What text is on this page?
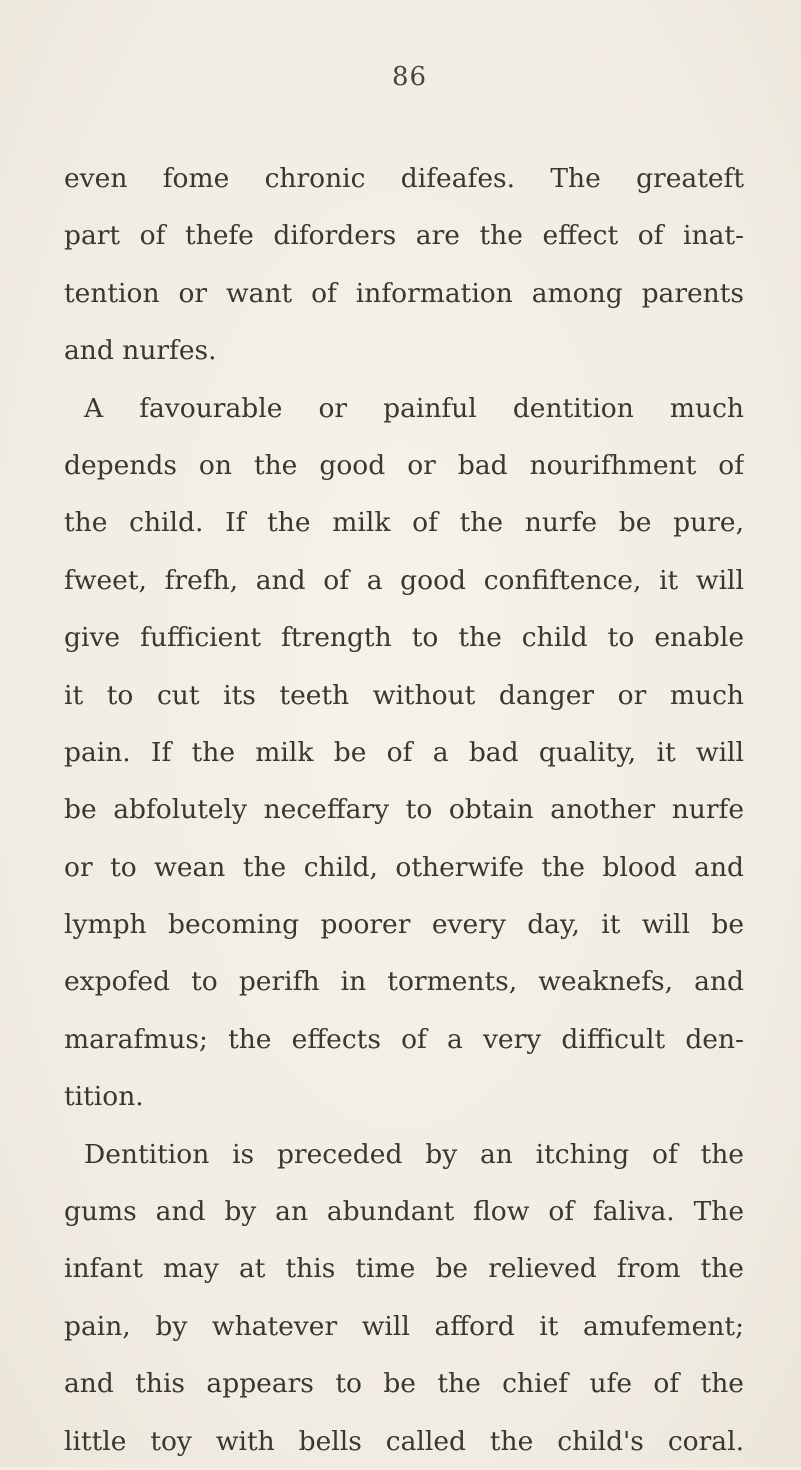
86
even fome chronic difeafes. The greateft
part of thefe diforders are the effect of inat-
tention or want of information among parents
and nurfes.
A favourable or painful dentition much
depends on the good or bad nourifhment of
the child. If the milk of the nurfe be pure,
fweet, frefh, and of a good confiftence, it will
give fufficient ftrength to the child to enable
it to cut its teeth without danger or much
pain. If the milk be of a bad quality, it will
be abfolutely neceffary to obtain another nurfe
or to wean the child, otherwife the blood and
lymph becoming poorer every day, it will be
expofed to perifh in torments, weaknefs, and
marafmus; the effects of a very difficult den-
tition.
Dentition is preceded by an itching of the
gums and by an abundant flow of faliva. The
infant may at this time be relieved from the
pain, by whatever will afford it amufement;
and this appears to be the chief ufe of the
little toy with bells called the child's coral.
